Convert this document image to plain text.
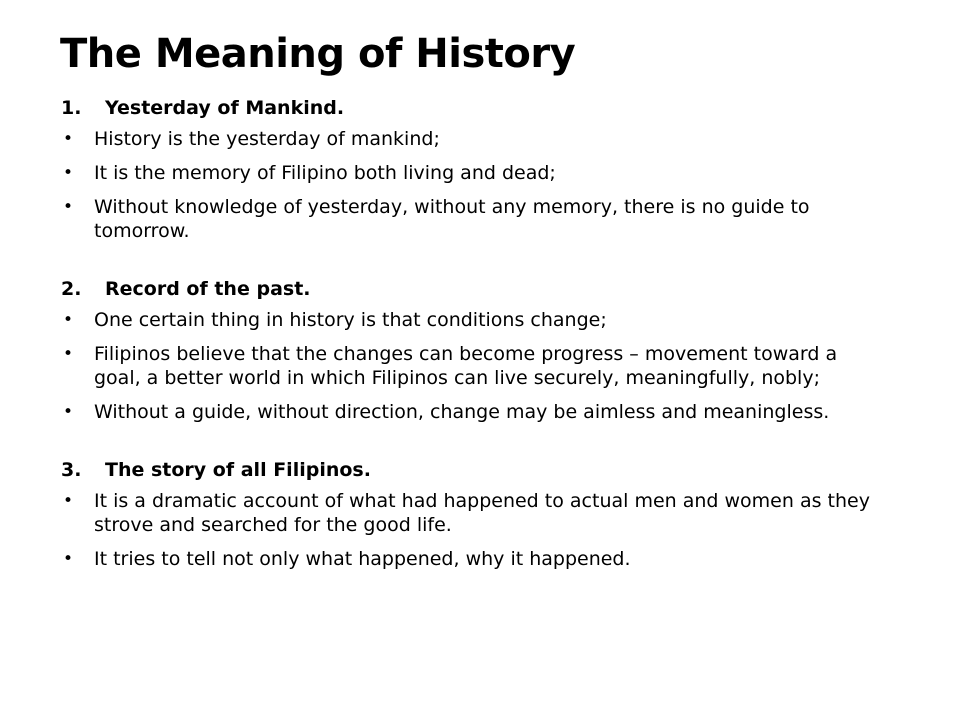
The Meaning of History
1. Yesterday of Mankind.
• History is the yesterday of mankind;
• It is the memory of Filipino both living and dead;
• Without knowledge of yesterday, without any memory, there is no guide to tomorrow.
2. Record of the past.
• One certain thing in history is that conditions change;
• Filipinos believe that the changes can become progress – movement toward a goal, a better world in which Filipinos can live securely, meaningfully, nobly;
• Without a guide, without direction, change may be aimless and meaningless.
3. The story of all Filipinos.
• It is a dramatic account of what had happened to actual men and women as they strove and searched for the good life.
• It tries to tell not only what happened, why it happened.
